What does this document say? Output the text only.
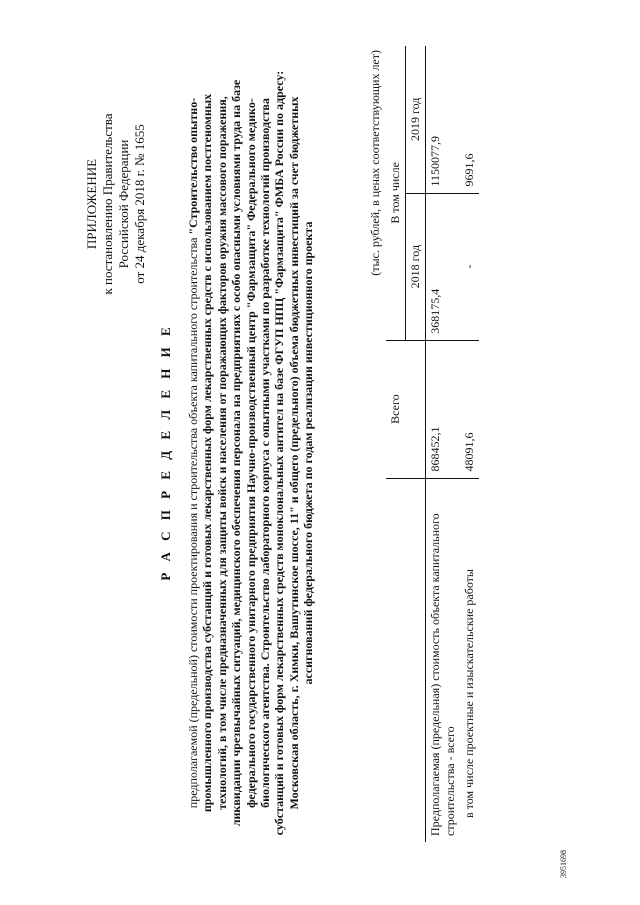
ПРИЛОЖЕНИЕ к постановлению Правительства Российской Федерации от 24 декабря 2018 г. № 1655
Р А С П Р Е Д Е Л Е Н И Е предполагаемой (предельной) стоимости проектирования и строительства объекта капитального строительства "Строительство опытно-промышленного производства субстанций и готовых лекарственных форм лекарственных средств с использованием постгеномных технологий, в том числе предназначенных для защиты войск и населения от поражающих факторов оружия массового поражения, ликвидации чрезвычайных ситуаций, медицинского обеспечения персонала на предприятиях с особо опасными условиями труда на базе федерального государственного унитарного предприятия Научно-производственный центр "Фармзащита" Федерального медико-биологического агентства. Строительство лабораторного корпуса с опытными участками по разработке технологий производства субстанций и готовых форм лекарственных средств моноклональных антител на базе ФГУП НПЦ "Фармзащита" ФМБА России по адресу: Московская область, г. Химки, Вашутинское шоссе, 11" и общего (предельного) объема бюджетных инвестиций за счет бюджетных ассигнований федерального бюджета по годам реализации инвестиционного проекта
(тыс. рублей, в ценах соответствующих лет)
	Всего	В том числе	
		2018 год	2019 год
Предполагаемая (предельная) стоимость объекта капитального строительства - всего	868452,1	368175,4	1150077,9
в том числе проектные и изыскательские работы	48091,6	-	9691,6
3951698
